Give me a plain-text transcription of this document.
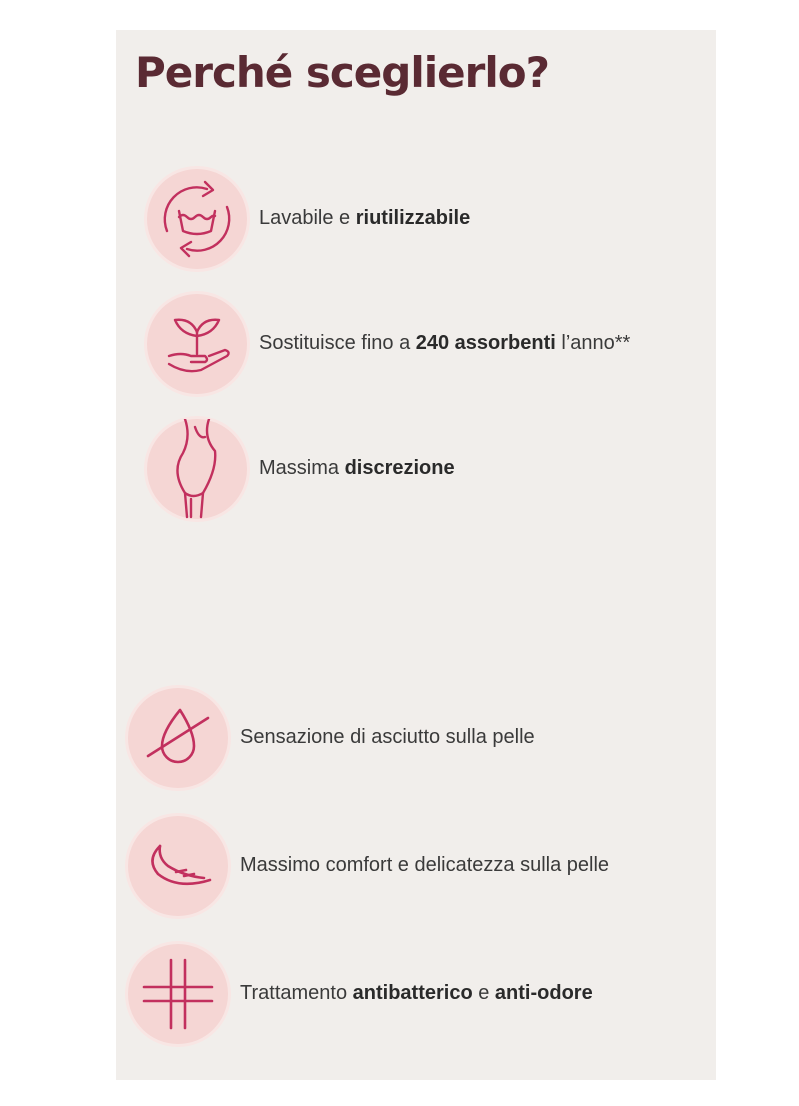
Perché sceglierlo?
Lavabile e riutilizzabile
Sostituisce fino a 240 assorbenti l’anno**
Massima discrezione
Sensazione di asciutto sulla pelle
Massimo comfort e delicatezza sulla pelle
Trattamento antibatterico e anti-odore
